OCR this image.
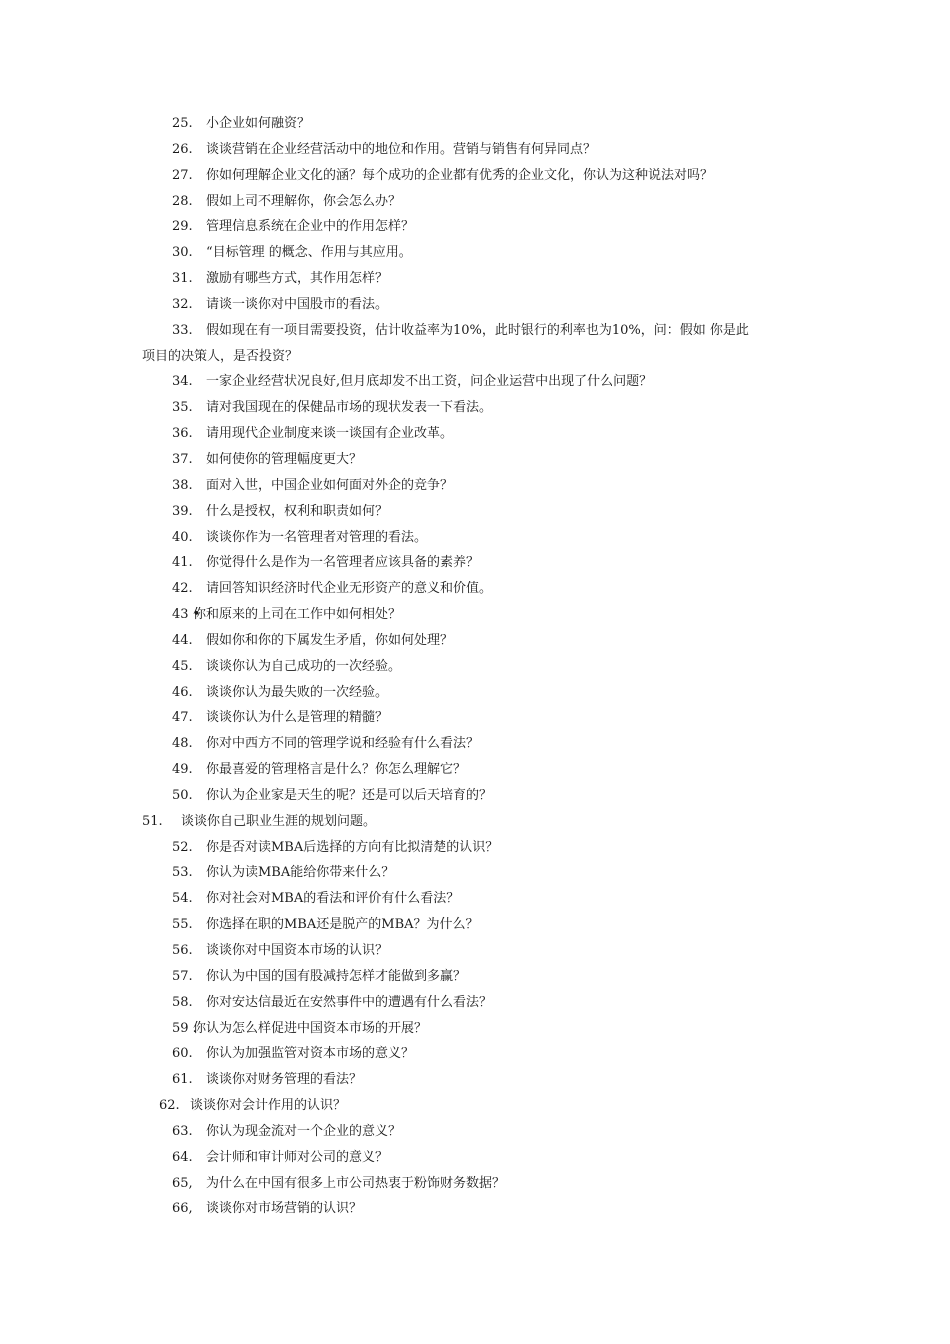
25. 小企业如何融资？
26. 谈谈营销在企业经营活动中的地位和作用。营销与销售有何异同点？
27. 你如何理解企业文化的涵？每个成功的企业都有优秀的企业文化，你认为这种说法对吗？
28. 假如上司不理解你，你会怎么办？
29. 管理信息系统在企业中的作用怎样？
30. “目标管理 的概念、作用与其应用。
31. 激励有哪些方式，其作用怎样？
32. 请谈一谈你对中国股市的看法。
33. 假如现在有一项目需要投资，估计收益率为10%，此时银行的利率也为10%，问：假如 你是此
项目的决策人，是否投资？
34. 一家企业经营状况良好,但月底却发不出工资，问企业运营中出现了什么问题？
35. 请对我国现在的保健品市场的现状发表一下看法。
36. 请用现代企业制度来谈一谈国有企业改革。
37. 如何使你的管理幅度更大？
38. 面对入世，中国企业如何面对外企的竞争？
39. 什么是授权，权利和职责如何？
40. 谈谈你作为一名管理者对管理的看法。
41. 你觉得什么是作为一名管理者应该具备的素养？
42. 请回答知识经济时代企业无形资产的意义和价值。
43 •
你和原来的上司在工作中如何相处？
44. 假如你和你的下属发生矛盾，你如何处理？
45. 谈谈你认为自己成功的一次经验。
46. 谈谈你认为最失败的一次经验。
47. 谈谈你认为什么是管理的精髓？
48. 你对中西方不同的管理学说和经验有什么看法？
49. 你最喜爱的管理格言是什么？你怎么理解它？
50. 你认为企业家是天生的呢？还是可以后天培育的？
51. 谈谈你自己职业生涯的规划问题。
52. 你是否对读MBA后选择的方向有比拟清楚的认识？
53. 你认为读MBA能给你带来什么？
54. 你对社会对MBA的看法和评价有什么看法？
55. 你选择在职的MBA还是脱产的MBA？为什么？
56. 谈谈你对中国资本市场的认识？
57. 你认为中国的国有股减持怎样才能做到多赢？
58. 你对安达信最近在安然事件中的遭遇有什么看法？
59 .
你认为怎么样促进中国资本市场的开展？
60. 你认为加强监管对资本市场的意义？
61. 谈谈你对财务管理的看法？
62. 谈谈你对会计作用的认识？
63. 你认为现金流对一个企业的意义？
64. 会计师和审计师对公司的意义？
65, 为什么在中国有很多上市公司热衷于粉饰财务数据？
66, 谈谈你对市场营销的认识？
